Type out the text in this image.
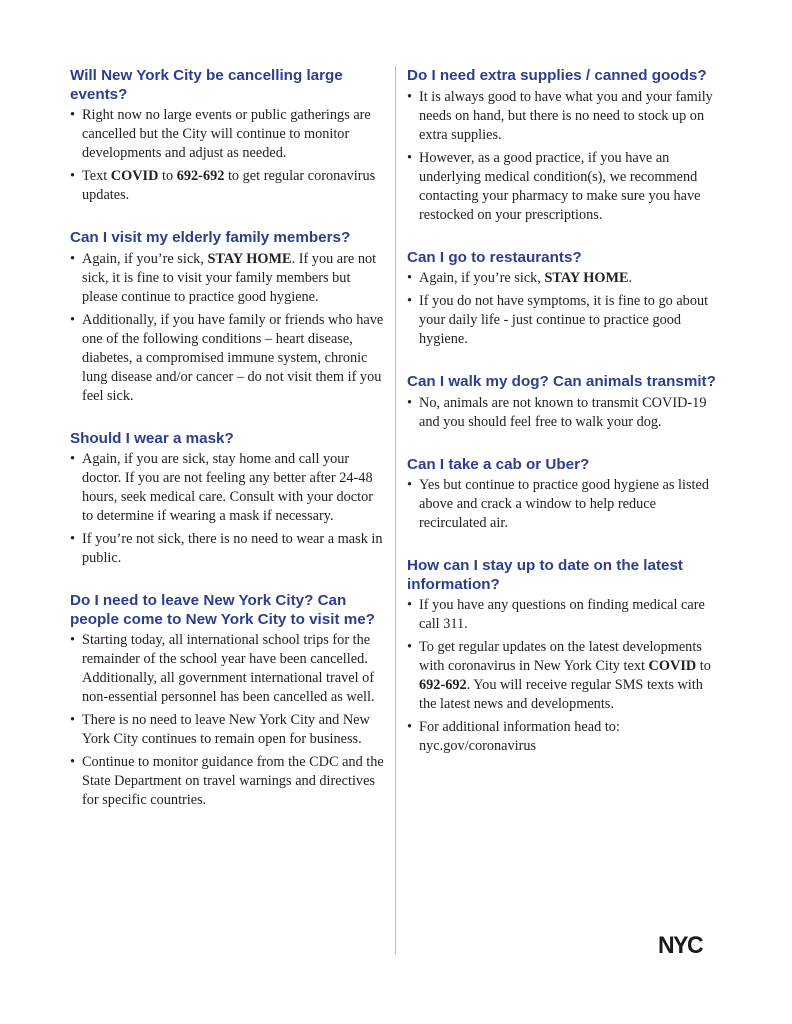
Will New York City be cancelling large events?
• Right now no large events or public gatherings are cancelled but the City will continue to monitor developments and adjust as needed.
• Text COVID to 692-692 to get regular coronavirus updates.
Can I visit my elderly family members?
• Again, if you’re sick, STAY HOME. If you are not sick, it is fine to visit your family members but please continue to practice good hygiene.
• Additionally, if you have family or friends who have one of the following conditions – heart disease, diabetes, a compromised immune system, chronic lung disease and/or cancer – do not visit them if you feel sick.
Should I wear a mask?
• Again, if you are sick, stay home and call your doctor. If you are not feeling any better after 24-48 hours, seek medical care. Consult with your doctor to determine if wearing a mask if necessary.
• If you’re not sick, there is no need to wear a mask in public.
Do I need to leave New York City? Can people come to New York City to visit me?
• Starting today, all international school trips for the remainder of the school year have been cancelled. Additionally, all government international travel of non-essential personnel has been cancelled as well.
• There is no need to leave New York City and New York City continues to remain open for business.
• Continue to monitor guidance from the CDC and the State Department on travel warnings and directives for specific countries.
Do I need extra supplies / canned goods?
• It is always good to have what you and your family needs on hand, but there is no need to stock up on extra supplies.
• However, as a good practice, if you have an underlying medical condition(s), we recommend contacting your pharmacy to make sure you have restocked on your prescriptions.
Can I go to restaurants?
• Again, if you’re sick, STAY HOME.
• If you do not have symptoms, it is fine to go about your daily life - just continue to practice good hygiene.
Can I walk my dog? Can animals transmit?
• No, animals are not known to transmit COVID-19 and you should feel free to walk your dog.
Can I take a cab or Uber?
• Yes but continue to practice good hygiene as listed above and crack a window to help reduce recirculated air.
How can I stay up to date on the latest information?
• If you have any questions on finding medical care call 311.
• To get regular updates on the latest developments with coronavirus in New York City text COVID to 692-692. You will receive regular SMS texts with the latest news and developments.
• For additional information head to: nyc.gov/coronavirus
NYC
